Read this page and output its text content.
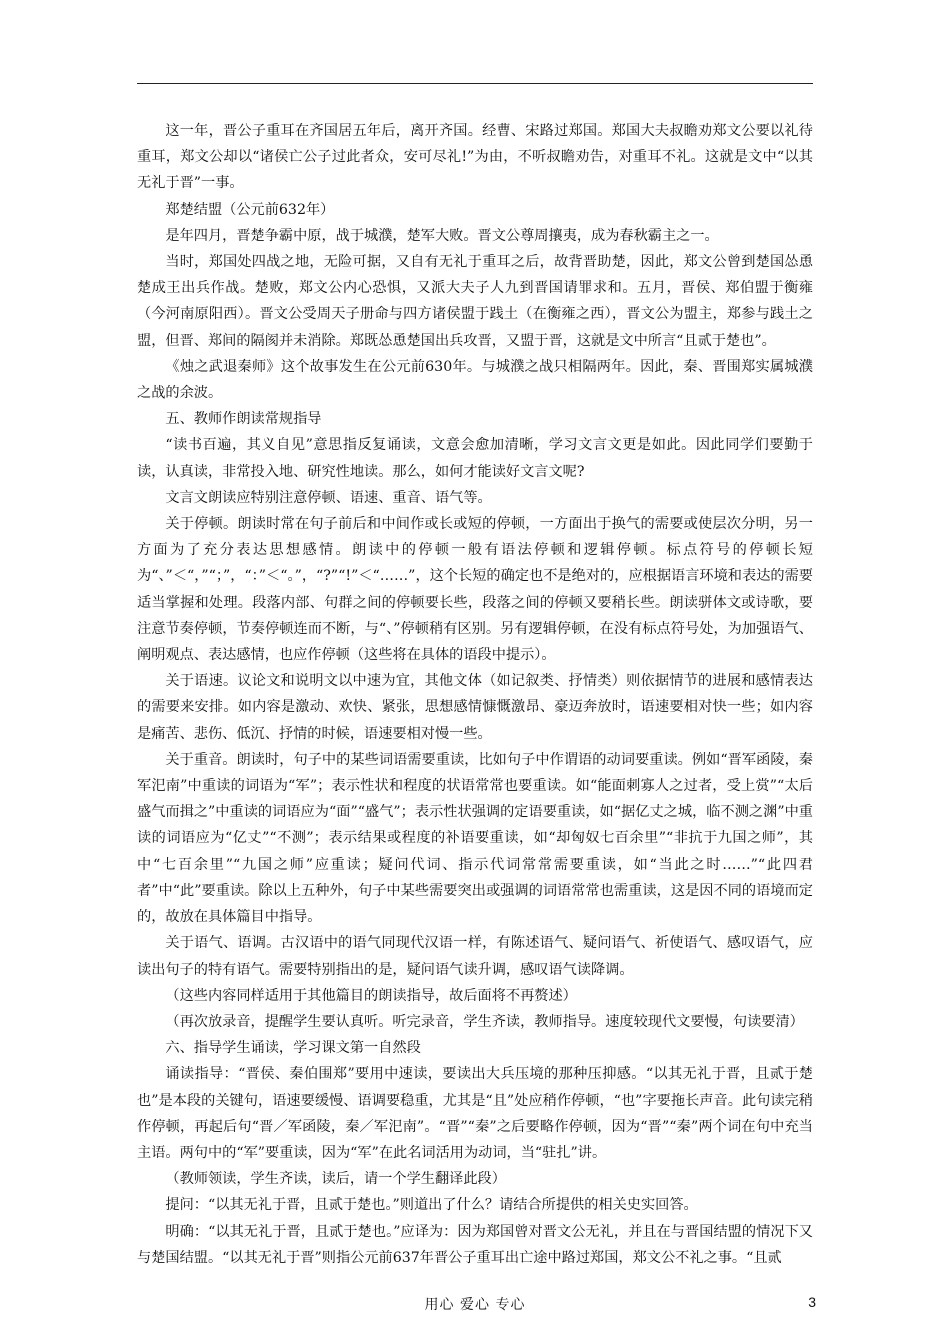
这一年，晋公子重耳在齐国居五年后，离开齐国。经曹、宋路过郑国。郑国大夫叔瞻劝郑文公要以礼待重耳，郑文公却以“诸侯亡公子过此者众，安可尽礼!”为由，不听叔瞻劝告，对重耳不礼。这就是文中“以其无礼于晋”一事。

郑楚结盟（公元前632年）

是年四月，晋楚争霸中原，战于城濮，楚军大败。晋文公尊周攘夷，成为春秋霸主之一。

当时，郑国处四战之地，无险可据，又自有无礼于重耳之后，故背晋助楚，因此，郑文公曾到楚国怂恿楚成王出兵作战。楚败，郑文公内心恐惧，又派大夫子人九到晋国请罪求和。五月，晋侯、郑伯盟于衡雍（今河南原阳西）。晋文公受周天子册命与四方诸侯盟于践土（在衡雍之西），晋文公为盟主，郑参与践土之盟，但晋、郑间的隔阂并未消除。郑既怂恿楚国出兵攻晋，又盟于晋，这就是文中所言“且贰于楚也”。

《烛之武退秦师》这个故事发生在公元前630年。与城濮之战只相隔两年。因此，秦、晋围郑实属城濮之战的余波。

五、教师作朗读常规指导

“读书百遍，其义自见”意思指反复诵读，文意会愈加清晰，学习文言文更是如此。因此同学们要勤于读，认真读，非常投入地、研究性地读。那么，如何才能读好文言文呢?

文言文朗读应特别注意停顿、语速、重音、语气等。

关于停顿。朗读时常在句子前后和中间作或长或短的停顿，一方面出于换气的需要或使层次分明，另一方面为了充分表达思想感情。朗读中的停顿一般有语法停顿和逻辑停顿。标点符号的停顿长短为“、”＜“，”“；”，“：”＜“。”，“?”“!”＜“……”，这个长短的确定也不是绝对的，应根据语言环境和表达的需要适当掌握和处理。段落内部、句群之间的停顿要长些，段落之间的停顿又要稍长些。朗读骈体文或诗歌，要注意节奏停顿，节奏停顿连而不断，与“、”停顿稍有区别。另有逻辑停顿，在没有标点符号处，为加强语气、阐明观点、表达感情，也应作停顿（这些将在具体的语段中提示）。

关于语速。议论文和说明文以中速为宜，其他文体（如记叙类、抒情类）则依据情节的进展和感情表达的需要来安排。如内容是激动、欢快、紧张，思想感情慷慨激昂、豪迈奔放时，语速要相对快一些；如内容是痛苦、悲伤、低沉、抒情的时候，语速要相对慢一些。

关于重音。朗读时，句子中的某些词语需要重读，比如句子中作谓语的动词要重读。例如“晋军函陵，秦军汜南”中重读的词语为“军”；表示性状和程度的状语常常也要重读。如“能面刺寡人之过者，受上赏”“太后盛气而揖之”中重读的词语应为“面”“盛气”；表示性状强调的定语要重读，如“据亿丈之城，临不测之渊”中重读的词语应为“亿丈”“不测”；表示结果或程度的补语要重读，如“却匈奴七百余里”“非抗于九国之师”，其中“七百余里”“九国之师”应重读；疑问代词、指示代词常常需要重读，如“当此之时……”“此四君者”中“此”要重读。除以上五种外，句子中某些需要突出或强调的词语常常也需重读，这是因不同的语境而定的，故放在具体篇目中指导。

关于语气、语调。古汉语中的语气同现代汉语一样，有陈述语气、疑问语气、祈使语气、感叹语气，应读出句子的特有语气。需要特别指出的是，疑问语气读升调，感叹语气读降调。

（这些内容同样适用于其他篇目的朗读指导，故后面将不再赘述）

（再次放录音，提醒学生要认真听。听完录音，学生齐读，教师指导。速度较现代文要慢，句读要清）

六、指导学生诵读，学习课文第一自然段

诵读指导：“晋侯、秦伯围郑”要用中速读，要读出大兵压境的那种压抑感。“以其无礼于晋，且贰于楚也”是本段的关键句，语速要缓慢、语调要稳重，尤其是“且”处应稍作停顿，“也”字要拖长声音。此句读完稍作停顿，再起后句“晋／军函陵，秦／军汜南”。“晋”“秦”之后要略作停顿，因为“晋”“秦”两个词在句中充当主语。两句中的“军”要重读，因为“军”在此名词活用为动词，当“驻扎”讲。

（教师领读，学生齐读，读后，请一个学生翻译此段）

提问：“以其无礼于晋，且贰于楚也。”则道出了什么？请结合所提供的相关史实回答。

明确：“以其无礼于晋，且贰于楚也。”应译为：因为郑国曾对晋文公无礼，并且在与晋国结盟的情况下又与楚国结盟。“以其无礼于晋”则指公元前637年晋公子重耳出亡途中路过郑国，郑文公不礼之事。“且贰

用心 爱心 专心	3
